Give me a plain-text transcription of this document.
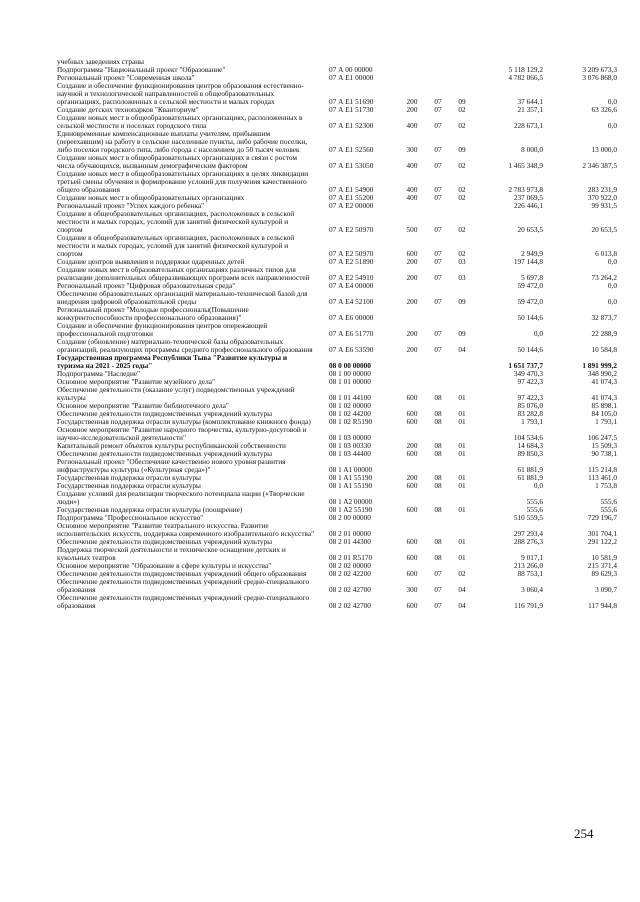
учебных заведениях страны						
Подпрограмма "Национальный проект "Образование"	07 А 00 00000				5 118 129,2	3 209 673,3
Региональный проект "Современная школа"	07 А E1 00000				4 782 066,5	3 076 868,0
Создание и обеспечение функционирования центров образования естественно-научной и технологической направленностей в общеобразовательных организациях, расположенных в сельской местности и малых городах	07 А E1 51690	200	07	09	37 644,1	0,0
Создание детских технопарков "Кванториум"	07 А E1 51730	200	07	02	21 357,1	63 326,6
Создание новых мест в общеобразовательных организациях, расположенных в сельской местности и поселках городского типа	07 А E1 52300	400	07	02	228 673,1	0,0
Единовременные компенсационные выплаты учителям, прибывшим (переехавшим) на работу в сельские населенные пункты, либо рабочие поселки, либо поселки городского типа, либо города с населением до 50 тысяч человек	07 А E1 52560	300	07	09	8 000,0	13 000,0
Создание новых мест в общеобразовательных организациях в связи с ростом числа обучающихся, вызванным демографическим фактором	07 А E1 53050	400	07	02	1 465 348,9	2 346 387,5
Создание новых мест в общеобразовательных организациях в целях ликвидации третьей смены обучения и формирование условий для получения качественного общего образования	07 А E1 54900	400	07	02	2 783 973,8	283 231,9
Создание новых мест в общеобразовательных организациях	07 А E1 55200	400	07	02	237 069,5	370 922,0
Региональный проект "Успех каждого ребенка"	07 А E2 00000				226 446,1	99 931,5
Создание в общеобразовательных организациях, расположенных в сельской местности и малых городах, условий для занятий физической культурой и спортом	07 А E2 50970	500	07	02	20 653,5	20 653,5
Создание в общеобразовательных организациях, расположенных в сельской местности и малых городах, условий для занятий физической культурой и спортом	07 А E2 50970	600	07	02	2 949,9	6 013,8
Создание центров выявления и поддержки одаренных детей	07 А E2 51890	200	07	03	197 144,8	0,0
Создание новых мест в образовательных организациях различных типов для реализации дополнительных общеразвивающих программ всех направленностей	07 А E2 54910	200	07	03	5 697,8	73 264,2
Региональный проект "Цифровая образовательная среда"	07 А E4 00000				59 472,0	0,0
Обеспечение образовательных организаций материально-технической базой для внедрения цифровой образовательной среды	07 А E4 52100	200	07	09	59 472,0	0,0
Региональный проект "Молодые профессионалы(Повышение конкурентоспособности профессионального образования)"	07 А E6 00000				50 144,6	32 873,7
Создание и обеспечение функционирования центров опережающей профессиональной подготовки	07 А E6 51770	200	07	09	0,0	22 288,9
Создание (обновление) материально-технической базы образовательных организаций, реализующих программы среднего профессионального образования	07 А E6 53590	200	07	04	50 144,6	10 584,8
Государственная программа Республики Тыва "Развитие культуры и туризма на 2021 - 2025 годы"	08 0 00 00000				1 651 737,7	1 891 999,2
Подпрограмма "Наследие"	08 1 00 00000				349 470,3	348 990,2
Основное мероприятие "Развитие музейного дела"	08 1 01 00000				97 422,3	41 074,3
Обеспечение деятельности (оказание услуг) подведомственных учреждений культуры	08 1 01 44100	600	08	01	97 422,3	41 074,3
Основное мероприятие "Развитие библиотечного дела"	08 1 02 00000				85 076,0	85 898,1
Обеспечение деятельности подведомственных учреждений культуры	08 1 02 44200	600	08	01	83 282,8	84 105,0
Государственная поддержка отрасли культуры (комплектование книжного фонда)	08 1 02 R5190	600	08	01	1 793,1	1 793,1
Основное мероприятие "Развитие народного творчества, культурно-досуговой и научно-исследовательской деятельности"	08 1 03 00000				104 534,6	106 247,5
Капитальный ремонт объектов культуры республиканской собственности	08 1 03 00330	200	08	01	14 684,3	15 509,3
Обеспечение деятельности подведомственных учреждений культуры	08 1 03 44400	600	08	01	89 850,3	90 738,1
Региональный проект "Обеспечение качественно нового уровня развития инфраструктуры культуры («Культурная среда»)"	08 1 A1 00000				61 881,9	115 214,8
Государственная поддержка отрасли культуры	08 1 A1 55190	200	08	01	61 881,9	113 461,0
Государственная поддержка отрасли культуры	08 1 A1 55190	600	08	01	0,0	1 753,8
Создание условий для реализации творческого потенциала нации («Творческие люди»)	08 1 A2 00000				555,6	555,6
Государственная поддержка отрасли культуры (поощрение)	08 1 A2 55190	600	08	01	555,6	555,6
Подпрограмма "Профессиональное искусство"	08 2 00 00000				510 559,5	729 196,7
Основное мероприятие "Развитие театрального искусства. Развитие исполнительских искусств, поддержка современного изобразительного искусства"	08 2 01 00000				297 293,4	301 704,1
Обеспечение деятельности подведомственных учреждений культуры	08 2 01 44300	600	08	01	288 276,3	291 122,2
Поддержка творческой деятельности и техническое оснащение детских и кукольных театров	08 2 01 R5170	600	08	01	9 017,1	10 581,9
Основное мероприятие "Образование в сфере культуры и искусства"	08 2 02 00000				213 266,0	215 371,4
Обеспечение деятельности подведомственных учреждений общего образования	08 2 02 42200	600	07	02	88 753,1	89 629,3
Обеспечение деятельности подведомственных учреждений средне-специального образования	08 2 02 42700	300	07	04	3 060,4	3 090,7
Обеспечение деятельности подведомственных учреждений средне-специального образования	08 2 02 42700	600	07	04	116 791,9	117 944,8
254
